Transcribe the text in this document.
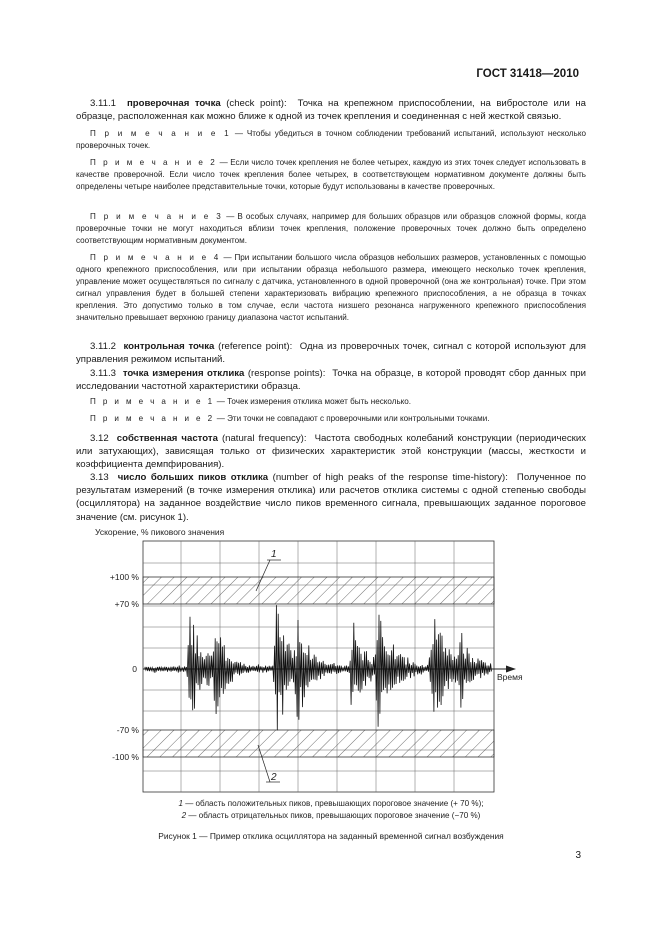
ГОСТ 31418—2010
3.11.1 проверочная точка (check point): Точка на крепежном приспособлении, на вибростоле или на образце, расположенная как можно ближе к одной из точек крепления и соединенная с ней жесткой связью.
П р и м е ч а н и е 1 — Чтобы убедиться в точном соблюдении требований испытаний, используют несколько проверочных точек.
П р и м е ч а н и е 2 — Если число точек крепления не более четырех, каждую из этих точек следует использовать в качестве проверочной. Если число точек крепления более четырех, в соответствующем нормативном документе должны быть определены четыре наиболее представительные точки, которые будут использованы в качестве проверочных.
П р и м е ч а н и е 3 — В особых случаях, например для больших образцов или образцов сложной формы, когда проверочные точки не могут находиться вблизи точек крепления, положение проверочных точек должно быть определено соответствующим нормативным документом.
П р и м е ч а н и е 4 — При испытании большого числа образцов небольших размеров, установленных с помощью одного крепежного приспособления, или при испытании образца небольшого размера, имеющего несколько точек крепления, управление может осуществляться по сигналу с датчика, установленного в одной проверочной (она же контрольная) точке. При этом сигнал управления будет в большей степени характеризовать вибрацию крепежного приспособления, а не образца в точках крепления. Это допустимо только в том случае, если частота низшего резонанса нагруженного крепежного приспособления значительно превышает верхнюю границу диапазона частот испытаний.
3.11.2 контрольная точка (reference point): Одна из проверочных точек, сигнал с которой используют для управления режимом испытаний.
3.11.3 точка измерения отклика (response points): Точка на образце, в которой проводят сбор данных при исследовании частотной характеристики образца.
П р и м е ч а н и е 1 — Точек измерения отклика может быть несколько.
П р и м е ч а н и е 2 — Эти точки не совпадают с проверочными или контрольными точками.
3.12 собственная частота (natural frequency): Частота свободных колебаний конструкции (периодических или затухающих), зависящая только от физических характеристик этой конструкции (массы, жесткости и коэффициента демпфирования).
3.13 число больших пиков отклика (number of high peaks of the response time-history): Полученное по результатам измерений (в точке измерения отклика) или расчетов отклика системы с одной степенью свободы (осциллятора) на заданное воздействие число пиков временного сигнала, превышающих заданное пороговое значение (см. рисунок 1).
Ускорение, % пикового значения
+100 %
+70 %
0
-70 %
-100 %
Время
1
2
1 — область положительных пиков, превышающих пороговое значение (+ 70 %);
2 — область отрицательных пиков, превышающих пороговое значение (−70 %)
Рисунок 1 — Пример отклика осциллятора на заданный временной сигнал возбуждения
3
